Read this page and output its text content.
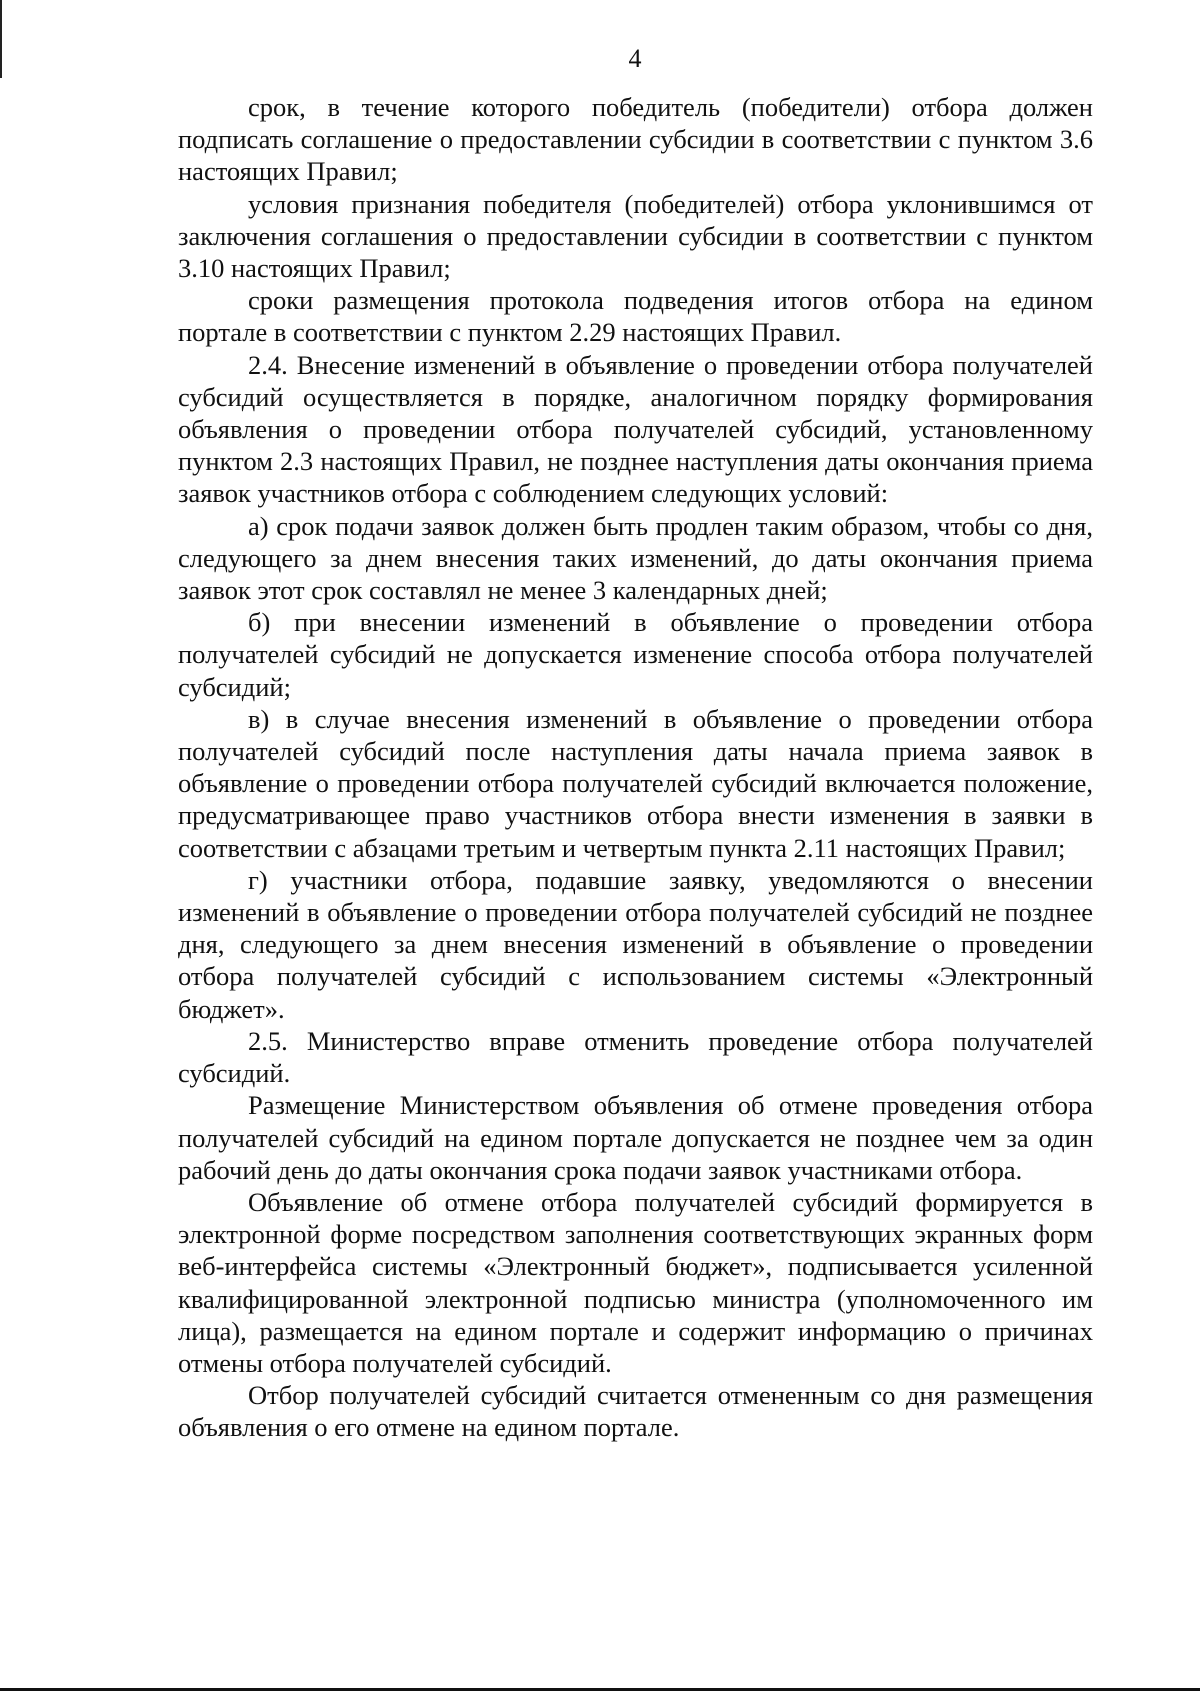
4

срок, в течение которого победитель (победители) отбора должен подписать соглашение о предоставлении субсидии в соответствии с пунктом 3.6 настоящих Правил;

условия признания победителя (победителей) отбора уклонившимся от заключения соглашения о предоставлении субсидии в соответствии с пунктом 3.10 настоящих Правил;

сроки размещения протокола подведения итогов отбора на едином портале в соответствии с пунктом 2.29 настоящих Правил.

2.4. Внесение изменений в объявление о проведении отбора получателей субсидий осуществляется в порядке, аналогичном порядку формирования объявления о проведении отбора получателей субсидий, установленному пунктом 2.3 настоящих Правил, не позднее наступления даты окончания приема заявок участников отбора с соблюдением следующих условий:

а) срок подачи заявок должен быть продлен таким образом, чтобы со дня, следующего за днем внесения таких изменений, до даты окончания приема заявок этот срок составлял не менее 3 календарных дней;

б) при внесении изменений в объявление о проведении отбора получателей субсидий не допускается изменение способа отбора получателей субсидий;

в) в случае внесения изменений в объявление о проведении отбора получателей субсидий после наступления даты начала приема заявок в объявление о проведении отбора получателей субсидий включается положение, предусматривающее право участников отбора внести изменения в заявки в соответствии с абзацами третьим и четвертым пункта 2.11 настоящих Правил;

г) участники отбора, подавшие заявку, уведомляются о внесении изменений в объявление о проведении отбора получателей субсидий не позднее дня, следующего за днем внесения изменений в объявление о проведении отбора получателей субсидий с использованием системы «Электронный бюджет».

2.5. Министерство вправе отменить проведение отбора получателей субсидий.

Размещение Министерством объявления об отмене проведения отбора получателей субсидий на едином портале допускается не позднее чем за один рабочий день до даты окончания срока подачи заявок участниками отбора.

Объявление об отмене отбора получателей субсидий формируется в электронной форме посредством заполнения соответствующих экранных форм веб-интерфейса системы «Электронный бюджет», подписывается усиленной квалифицированной электронной подписью министра (уполномоченного им лица), размещается на едином портале и содержит информацию о причинах отмены отбора получателей субсидий.

Отбор получателей субсидий считается отмененным со дня размещения объявления о его отмене на едином портале.
